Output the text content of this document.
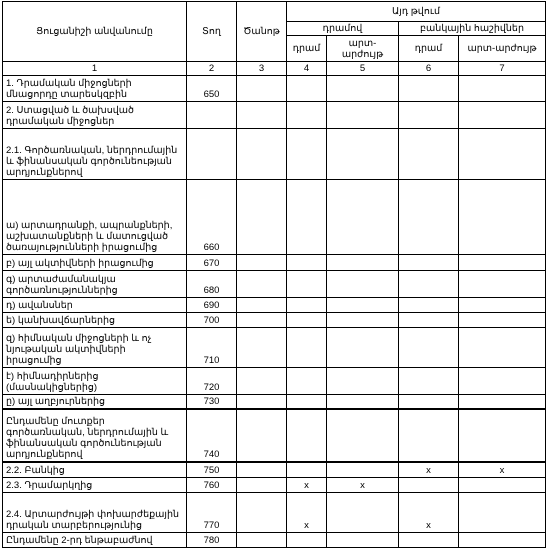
Ցուցանիշի անվանումը	Տող	Ծանոթ	Այդ թվում			
			դրամով		բանկային հաշիվներ	
			դրամ	արտ-արժույթ	դրամ	արտ-արժույթ
1	2	3	4	5	6	7
1. Դրամական միջոցների մնացորդը տարեսկզբին	650					
2. Ստացված և ծախսված դրամական միջոցներ						
2.1. Գործառնական, ներդրումային և ֆինանսական գործունեության արդյունքներով						
ա) արտադրանքի, ապրանքների, աշխատանքների և մատուցված ծառայությունների իրացումից	660					
բ) այլ ակտիվների իրացումից	670					
գ) արտաժամանակյա գործառնություններից	680					
դ) ավանսներ	690					
ե) կանխավճարներից	700					
զ) հիմնական միջոցների և ոչ նյութական ակտիվների իրացումից	710					
է) հիմնադիրներից (մասնակիցներից)	720					
ը) այլ աղբյուրներից	730					
Ընդամենը մուտքեր գործառնական, ներդրումային և ֆինանսական գործունեության արդյունքներով	740					
2.2. Բանկից	750				x	x
2.3. Դրամարկղից	760		x	x		
2.4. Արտարժույթի փոխարժեքային դրական տարբերությունից	770		x		x	
Ընդամենը 2-րդ ենթաբաժնով	780					
